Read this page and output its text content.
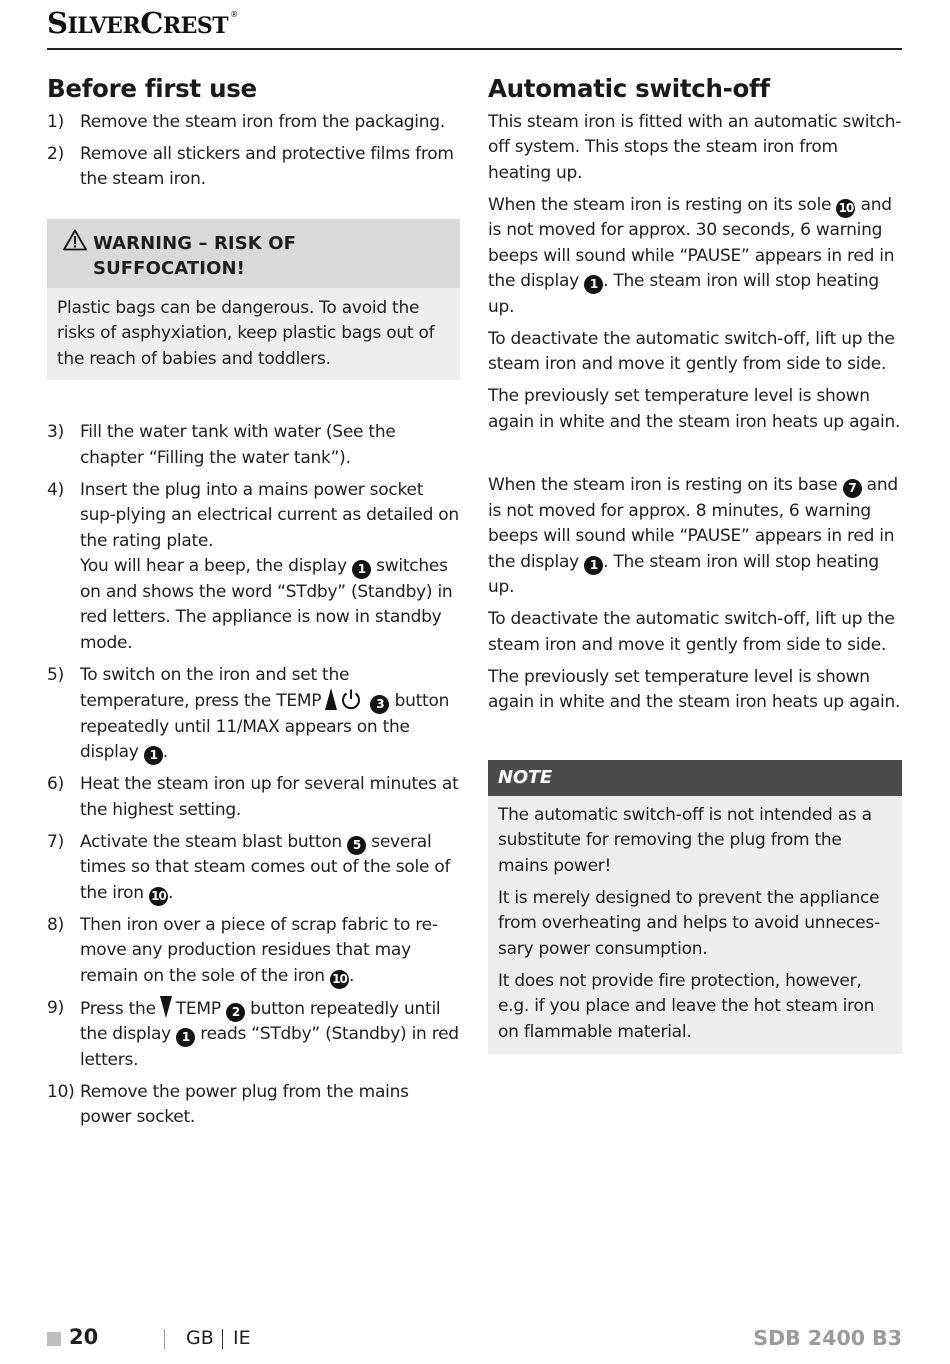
SILVERCREST ®
Before first use
1) Remove the steam iron from the packaging.
2) Remove all stickers and protective films from the steam iron.
WARNING – RISK OF SUFFOCATION!
Plastic bags can be dangerous. To avoid the risks of asphyxiation, keep plastic bags out of the reach of babies and toddlers.
3) Fill the water tank with water (See the chapter “Filling the water tank”).
4) Insert the plug into a mains power socket sup-plying an electrical current as detailed on the rating plate.
You will hear a beep, the display 1 switches on and shows the word “STdby” (Standby) in red letters. The appliance is now in standby mode.
5) To switch on the iron and set the temperature, press the TEMP	3 button repeatedly until 11/MAX appears on the display 1 .
6) Heat the steam iron up for several minutes at the highest setting.
7) Activate the steam blast button 5 several times so that steam comes out of the sole of the iron 10 .
8) Then iron over a piece of scrap fabric to re-move any production residues that may remain on the sole of the iron 10 .
9) Press the TEMP 2 button repeatedly until the display 1 reads “STdby” (Standby) in red letters.
10) Remove the power plug from the mains power socket.
Automatic switch-off

This steam iron is fitted with an automatic switch-off system. This stops the steam iron from heating up.

When the steam iron is resting on its sole 10 and is not moved for approx. 30 seconds, 6 warning beeps will sound while “PAUSE” appears in red in the display 1 . The steam iron will stop heating up.

To deactivate the automatic switch-off, lift up the steam iron and move it gently from side to side.

The previously set temperature level is shown again in white and the steam iron heats up again.

When the steam iron is resting on its base 7 and is not moved for approx. 8 minutes, 6 warning beeps will sound while “PAUSE” appears in red in the display 1 . The steam iron will stop heating up.

To deactivate the automatic switch-off, lift up the steam iron and move it gently from side to side.

The previously set temperature level is shown again in white and the steam iron heats up again.

NOTE

The automatic switch-off is not intended as a substitute for removing the plug from the mains power!

It is merely designed to prevent the appliance from overheating and helps to avoid unneces-sary power consumption.

It does not provide fire protection, however, e.g. if you place and leave the hot steam iron on flammable material.

20	GB IE	SDB 2400 B3
